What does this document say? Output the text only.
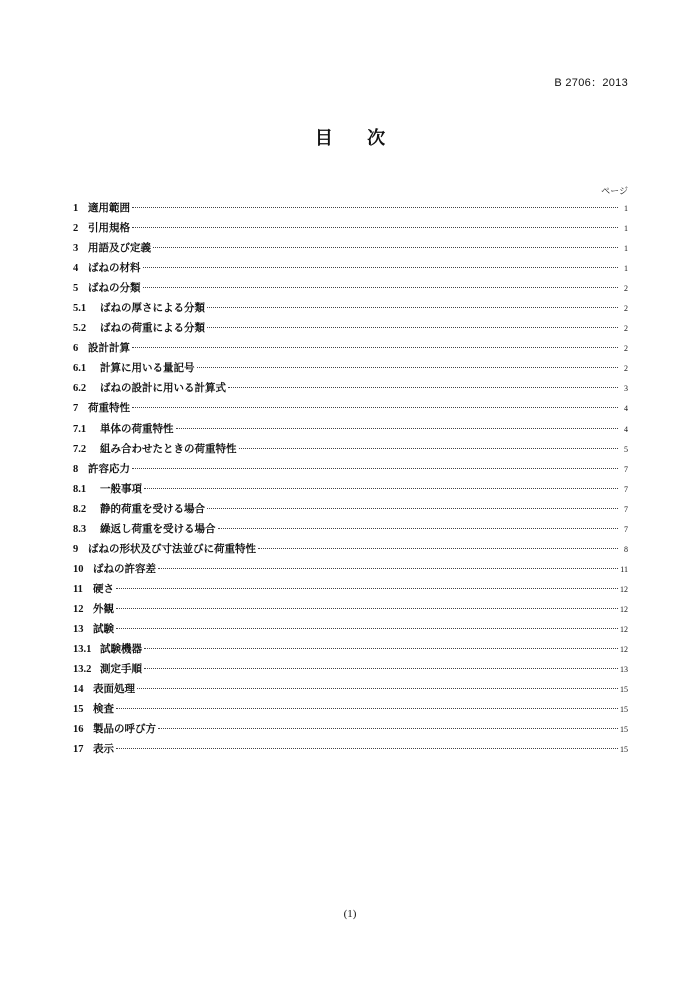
B 2706：2013
目 次
ページ
1 適用範囲	1
2 引用規格	1
3 用語及び定義	1
4 ばねの材料	1
5 ばねの分類	2
5.1	ばねの厚さによる分類	2
5.2	ばねの荷重による分類	2
6 設計計算	2
6.1	計算に用いる量記号	2
6.2	ばねの設計に用いる計算式	3
7 荷重特性	4
7.1	単体の荷重特性	4
7.2	組み合わせたときの荷重特性	5
8 許容応力	7
8.1	一般事項	7
8.2	静的荷重を受ける場合	7
8.3	繰返し荷重を受ける場合	7
9 ばねの形状及び寸法並びに荷重特性	8
10 ばねの許容差	11
11 硬さ	12
12 外観	12
13 試験	12
13.1 試験機器	12
13.2 測定手順	13
14 表面処理	15
15 検査	15
16 製品の呼び方	15
17 表示	15
(1)
